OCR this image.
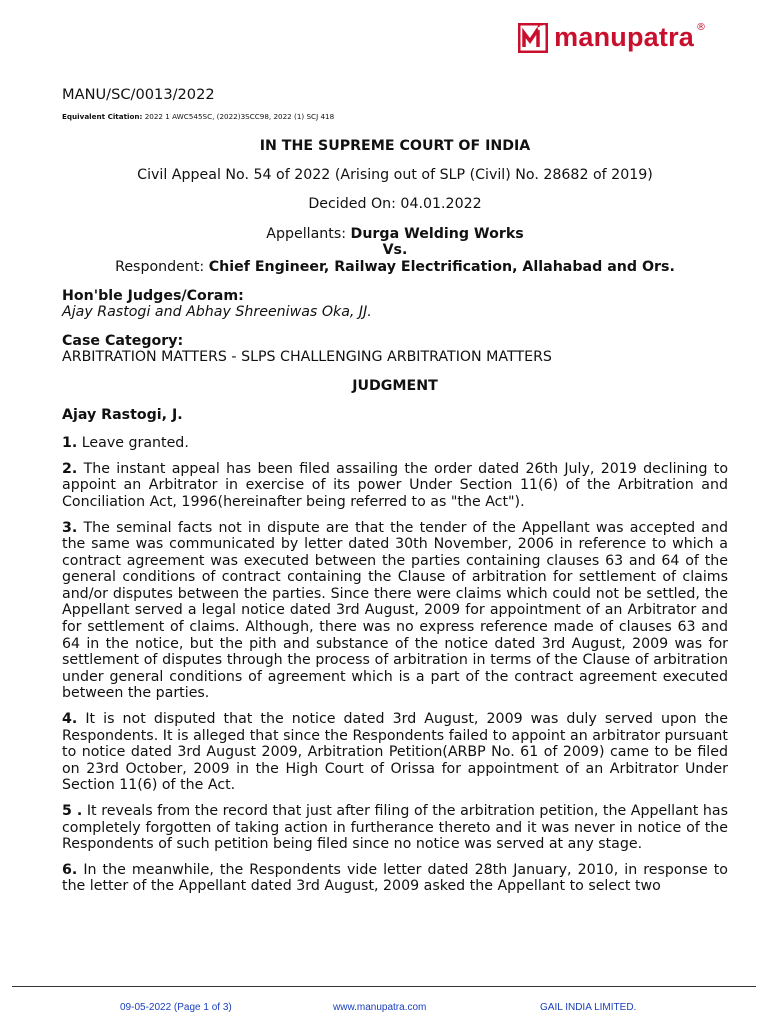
manupatra ®

MANU/SC/0013/2022

Equivalent Citation: 2022 1 AWC545SC, (2022)3SCC98, 2022 (1) SCJ 418

IN THE SUPREME COURT OF INDIA

Civil Appeal No. 54 of 2022 (Arising out of SLP (Civil) No. 28682 of 2019)

Decided On: 04.01.2022

Appellants: Durga Welding Works
Vs.
Respondent: Chief Engineer, Railway Electrification, Allahabad and Ors.
Hon'ble Judges/Coram:
Ajay Rastogi and Abhay Shreeniwas Oka, JJ.
Case Category:
ARBITRATION MATTERS - SLPS CHALLENGING ARBITRATION MATTERS

JUDGMENT

Ajay Rastogi, J.

1. Leave granted.

2. The instant appeal has been filed assailing the order dated 26th July, 2019 declining to appoint an Arbitrator in exercise of its power Under Section 11(6) of the Arbitration and Conciliation Act, 1996(hereinafter being referred to as "the Act").

3. The seminal facts not in dispute are that the tender of the Appellant was accepted and the same was communicated by letter dated 30th November, 2006 in reference to which a contract agreement was executed between the parties containing clauses 63 and 64 of the general conditions of contract containing the Clause of arbitration for settlement of claims and/or disputes between the parties. Since there were claims which could not be settled, the Appellant served a legal notice dated 3rd August, 2009 for appointment of an Arbitrator and for settlement of claims. Although, there was no express reference made of clauses 63 and 64 in the notice, but the pith and substance of the notice dated 3rd August, 2009 was for settlement of disputes through the process of arbitration in terms of the Clause of arbitration under general conditions of agreement which is a part of the contract agreement executed between the parties.

4. It is not disputed that the notice dated 3rd August, 2009 was duly served upon the Respondents. It is alleged that since the Respondents failed to appoint an arbitrator pursuant to notice dated 3rd August 2009, Arbitration Petition(ARBP No. 61 of 2009) came to be filed on 23rd October, 2009 in the High Court of Orissa for appointment of an Arbitrator Under Section 11(6) of the Act.

5 . It reveals from the record that just after filing of the arbitration petition, the Appellant has completely forgotten of taking action in furtherance thereto and it was never in notice of the Respondents of such petition being filed since no notice was served at any stage.

6. In the meanwhile, the Respondents vide letter dated 28th January, 2010, in response to the letter of the Appellant dated 3rd August, 2009 asked the Appellant to select two

09-05-2022 (Page 1 of 3)	www.manupatra.com	GAIL INDIA LIMITED.
